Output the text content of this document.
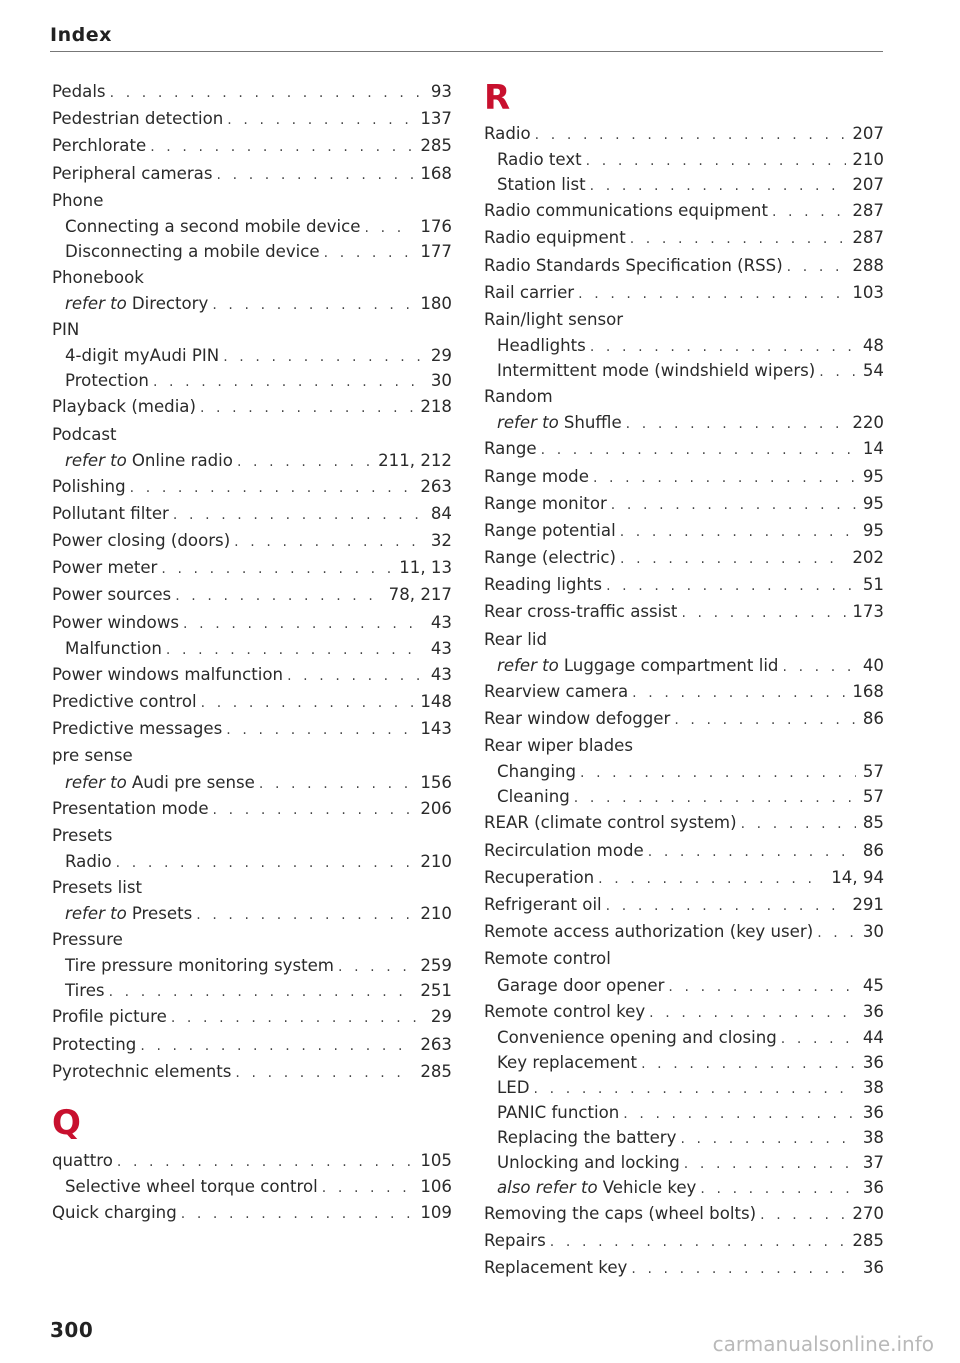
Index
Pedals . . .	93
Pedestrian detection . . .	137
Perchlorate . . .	285
Peripheral cameras . . .	168
Phone
Connecting a second mobile device . . .	176
Disconnecting a mobile device . . .	177
Phonebook
refer to Directory . . .	180
PIN
4-digit myAudi PIN . . .	29
Protection . . .	30
Playback (media) . . .	218
Podcast
refer to Online radio . . .	211, 212
Polishing . . .	263
Pollutant filter . . .	84
Power closing (doors) . . .	32
Power meter . . .	11, 13
Power sources . . .	78, 217
Power windows . . .	43
Malfunction . . .	43
Power windows malfunction . . .	43
Predictive control . . .	148
Predictive messages . . .	143
pre sense
refer to Audi pre sense . . .	156
Presentation mode . . .	206
Presets
Radio . . .	210
Presets list
refer to Presets . . .	210
Pressure
Tire pressure monitoring system . . .	259
Tires . . .	251
Profile picture . . .	29
Protecting . . .	263
Pyrotechnic elements . . .	285
Q
quattro . . .	105
Selective wheel torque control . . .	106
Quick charging . . .	109
R
Radio . . .	207
Radio text . . .	210
Station list . . .	207
Radio communications equipment . . .	287
Radio equipment . . .	287
Radio Standards Specification (RSS) . . .	288
Rail carrier . . .	103
Rain/light sensor
Headlights . . .	48
Intermittent mode (windshield wipers) . . .	54
Random
refer to Shuffle . . .	220
Range . . .	14
Range mode . . .	95
Range monitor . . .	95
Range potential . . .	95
Range (electric) . . .	202
Reading lights . . .	51
Rear cross-traffic assist . . .	173
Rear lid
refer to Luggage compartment lid . . .	40
Rearview camera . . .	168
Rear window defogger . . .	86
Rear wiper blades
Changing . . .	57
Cleaning . . .	57
REAR (climate control system) . . .	85
Recirculation mode . . .	86
Recuperation . . .	14, 94
Refrigerant oil . . .	291
Remote access authorization (key user) . . .	30
Remote control
Garage door opener . . .	45
Remote control key . . .	36
Convenience opening and closing . . .	44
Key replacement . . .	36
LED . . .	38
PANIC function . . .	36
Replacing the battery . . .	38
Unlocking and locking . . .	37
also refer to Vehicle key . . .	36
Removing the caps (wheel bolts) . . .	270
Repairs . . .	285
Replacement key . . .	36
300
carmanualsonline.info
